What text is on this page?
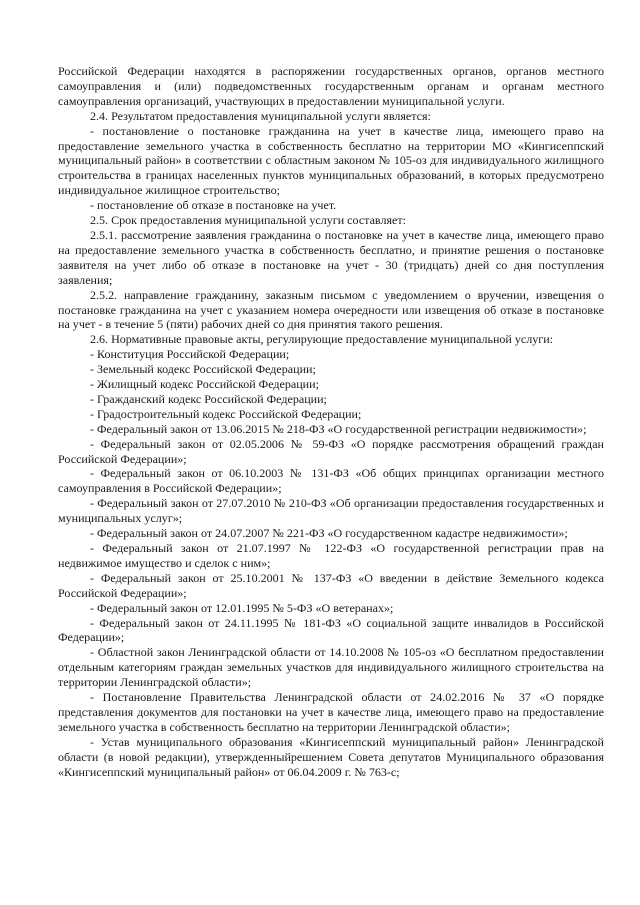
Российской Федерации находятся в распоряжении государственных органов, органов местного самоуправления и (или) подведомственных государственным органам и органам местного самоуправления организаций, участвующих в предоставлении муниципальной услуги.

2.4. Результатом предоставления муниципальной услуги является:

- постановление о постановке гражданина на учет в качестве лица, имеющего право на предоставление земельного участка в собственность бесплатно на территории МО «Кингисеппский муниципальный район» в соответствии с областным законом № 105-оз для индивидуального жилищного строительства в границах населенных пунктов муниципальных образований, в которых предусмотрено индивидуальное жилищное строительство;

- постановление об отказе в постановке на учет.

2.5. Срок предоставления муниципальной услуги составляет:

2.5.1. рассмотрение заявления гражданина о постановке на учет в качестве лица, имеющего право на предоставление земельного участка в собственность бесплатно, и принятие решения о постановке заявителя на учет либо об отказе в постановке на учет - 30 (тридцать) дней со дня поступления заявления;

2.5.2. направление гражданину, заказным письмом с уведомлением о вручении, извещения о постановке гражданина на учет с указанием номера очередности или извещения об отказе в постановке на учет - в течение 5 (пяти) рабочих дней со дня принятия такого решения.

2.6. Нормативные правовые акты, регулирующие предоставление муниципальной услуги:

- Конституция Российской Федерации;

- Земельный кодекс Российской Федерации;

- Жилищный кодекс Российской Федерации;

- Гражданский кодекс Российской Федерации;

- Градостроительный кодекс Российской Федерации;

- Федеральный закон от 13.06.2015 № 218-ФЗ «О государственной регистрации недвижимости»;

- Федеральный закон от 02.05.2006 № 59-ФЗ «О порядке рассмотрения обращений граждан Российской Федерации»;

- Федеральный закон от 06.10.2003 № 131-ФЗ «Об общих принципах организации местного самоуправления в Российской Федерации»;

- Федеральный закон от 27.07.2010 № 210-ФЗ «Об организации предоставления государственных и муниципальных услуг»;

- Федеральный закон от 24.07.2007 № 221-ФЗ «О государственном кадастре недвижимости»;

- Федеральный закон от 21.07.1997 № 122-ФЗ «О государственной регистрации прав на недвижимое имущество и сделок с ним»;

- Федеральный закон от 25.10.2001 № 137-ФЗ «О введении в действие Земельного кодекса Российской Федерации»;

- Федеральный закон от 12.01.1995 № 5-ФЗ «О ветеранах»;

- Федеральный закон от 24.11.1995 № 181-ФЗ «О социальной защите инвалидов в Российской Федерации»;

- Областной закон Ленинградской области от 14.10.2008 № 105-оз «О бесплатном предоставлении отдельным категориям граждан земельных участков для индивидуального жилищного строительства на территории Ленинградской области»;

- Постановление Правительства Ленинградской области от 24.02.2016 № 37 «О порядке представления документов для постановки на учет в качестве лица, имеющего право на предоставление земельного участка в собственность бесплатно на территории Ленинградской области»;

- Устав муниципального образования «Кингисеппский муниципальный район» Ленинградской области (в новой редакции), утвержденныйрешением Совета депутатов Муниципального образования «Кингисеппский муниципальный район» от 06.04.2009 г. № 763-с;
